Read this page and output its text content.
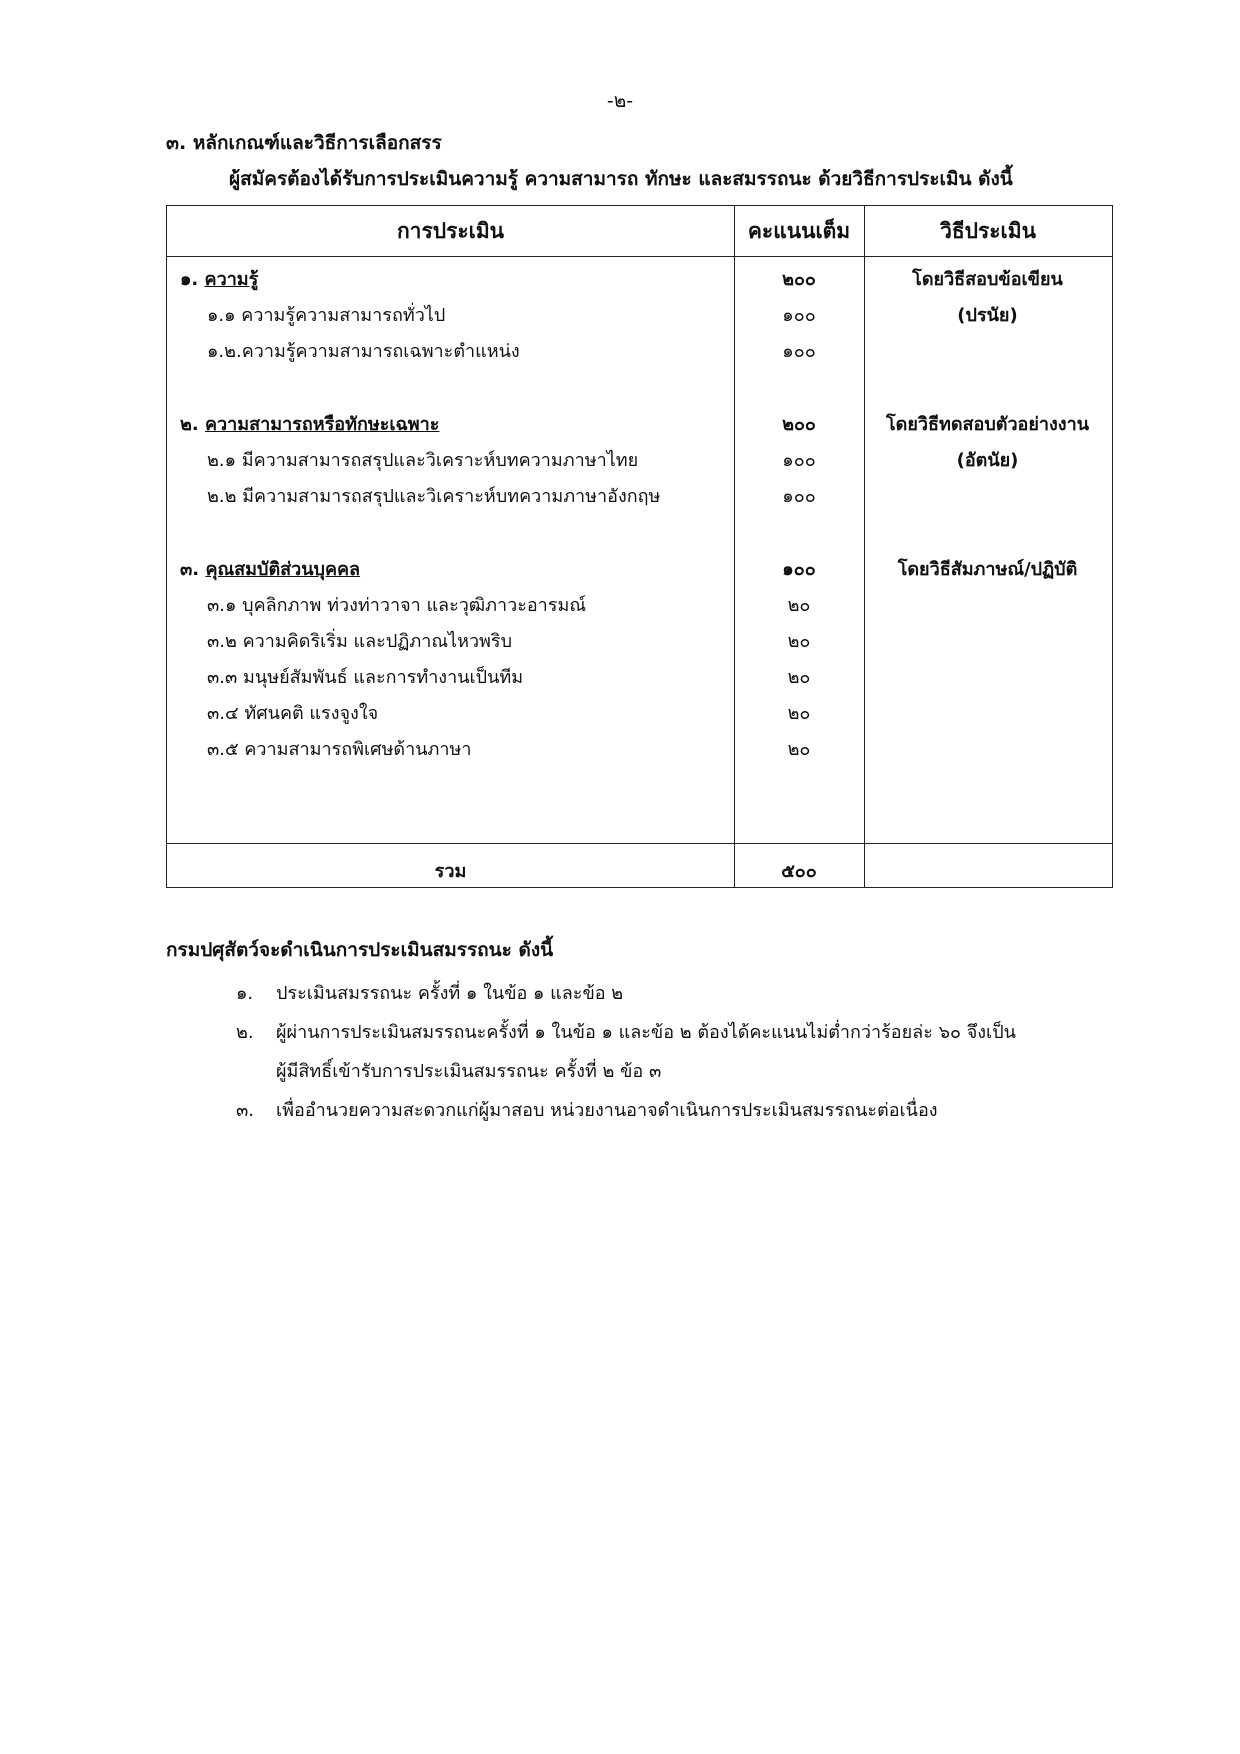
-๒-
๓. หลักเกณฑ์และวิธีการเลือกสรร
ผู้สมัครต้องได้รับการประเมินความรู้ ความสามารถ ทักษะ และสมรรถนะ ด้วยวิธีการประเมิน ดังนี้
การประเมิน	คะแนนเต็ม	วิธีประเมิน
๑. ความรู้	๒๐๐	โดยวิธีสอบข้อเขียน
(ปรนัย)
๑.๑ ความรู้ความสามารถทั่วไป	๑๐๐
๑.๒.ความรู้ความสามารถเฉพาะตำแหน่ง	๑๐๐
๒. ความสามารถหรือทักษะเฉพาะ	๒๐๐	โดยวิธีทดสอบตัวอย่างงาน
(อัตนัย)
๒.๑ มีความสามารถสรุปและวิเคราะห์บทความภาษาไทย	๑๐๐
๒.๒ มีความสามารถสรุปและวิเคราะห์บทความภาษาอังกฤษ	๑๐๐
๓. คุณสมบัติส่วนบุคคล	๑๐๐	โดยวิธีสัมภาษณ์/ปฏิบัติ
๓.๑ บุคลิกภาพ ท่วงท่าวาจา และวุฒิภาวะอารมณ์	๒๐
๓.๒ ความคิดริเริ่ม และปฏิภาณไหวพริบ	๒๐
๓.๓ มนุษย์สัมพันธ์ และการทำงานเป็นทีม	๒๐
๓.๔ ทัศนคติ แรงจูงใจ	๒๐
๓.๕ ความสามารถพิเศษด้านภาษา	๒๐
รวม	๕๐๐
กรมปศุสัตว์จะดำเนินการประเมินสมรรถนะ ดังนี้
๑. ประเมินสมรรถนะ ครั้งที่ ๑ ในข้อ ๑ และข้อ ๒
๒. ผู้ผ่านการประเมินสมรรถนะครั้งที่ ๑ ในข้อ ๑ และข้อ ๒ ต้องได้คะแนนไม่ต่ำกว่าร้อยล่ะ ๖๐ จึงเป็น
ผู้มีสิทธิ์เข้ารับการประเมินสมรรถนะ ครั้งที่ ๒ ข้อ ๓
๓. เพื่ออำนวยความสะดวกแก่ผู้มาสอบ หน่วยงานอาจดำเนินการประเมินสมรรถนะต่อเนื่อง
